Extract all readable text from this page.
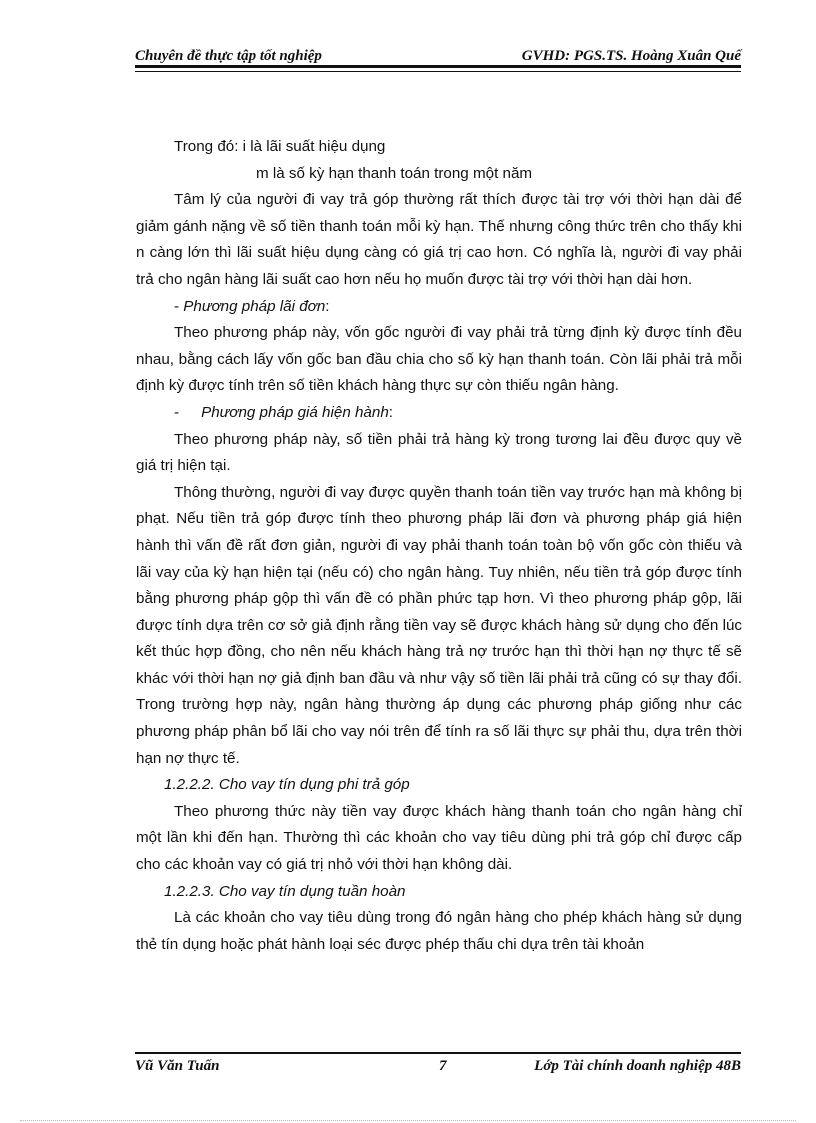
Chuyên đề thực tập tốt nghiệp	GVHD: PGS.TS. Hoàng Xuân Quế

Trong đó: i là lãi suất hiệu dụng

m là số kỳ hạn thanh toán trong một năm

Tâm lý của người đi vay trả góp thường rất thích được tài trợ với thời hạn dài để giảm gánh nặng về số tiền thanh toán mỗi kỳ hạn. Thế nhưng công thức trên cho thấy khi n càng lớn thì lãi suất hiệu dụng càng có giá trị cao hơn. Có nghĩa là, người đi vay phải trả cho ngân hàng lãi suất cao hơn nếu họ muốn được tài trợ với thời hạn dài hơn.

- Phương pháp lãi đơn:

Theo phương pháp này, vốn gốc người đi vay phải trả từng định kỳ được tính đều nhau, bằng cách lấy vốn gốc ban đầu chia cho số kỳ hạn thanh toán. Còn lãi phải trả mỗi định kỳ được tính trên số tiền khách hàng thực sự còn thiếu ngân hàng.

- Phương pháp giá hiện hành:

Theo phương pháp này, số tiền phải trả hàng kỳ trong tương lai đều được quy về giá trị hiện tại.

Thông thường, người đi vay được quyền thanh toán tiền vay trước hạn mà không bị phạt. Nếu tiền trả góp được tính theo phương pháp lãi đơn và phương pháp giá hiện hành thì vấn đề rất đơn giản, người đi vay phải thanh toán toàn bộ vốn gốc còn thiếu và lãi vay của kỳ hạn hiện tại (nếu có) cho ngân hàng. Tuy nhiên, nếu tiền trả góp được tính bằng phương pháp gộp thì vấn đề có phần phức tạp hơn. Vì theo phương pháp gộp, lãi được tính dựa trên cơ sở giả định rằng tiền vay sẽ được khách hàng sử dụng cho đến lúc kết thúc hợp đồng, cho nên nếu khách hàng trả nợ trước hạn thì thời hạn nợ thực tế sẽ khác với thời hạn nợ giả định ban đầu và như vậy số tiền lãi phải trả cũng có sự thay đổi. Trong trường hợp này, ngân hàng thường áp dụng các phương pháp giống như các phương pháp phân bổ lãi cho vay nói trên để tính ra số lãi thực sự phải thu, dựa trên thời hạn nợ thực tế.

1.2.2.2. Cho vay tín dụng phi trả góp

Theo phương thức này tiền vay được khách hàng thanh toán cho ngân hàng chỉ một lần khi đến hạn. Thường thì các khoản cho vay tiêu dùng phi trả góp chỉ được cấp cho các khoản vay có giá trị nhỏ với thời hạn không dài.

1.2.2.3. Cho vay tín dụng tuần hoàn

Là các khoản cho vay tiêu dùng trong đó ngân hàng cho phép khách hàng sử dụng thẻ tín dụng hoặc phát hành loại séc được phép thấu chi dựa trên tài khoản

Vũ Văn Tuấn	7	Lớp Tài chính doanh nghiệp 48B
